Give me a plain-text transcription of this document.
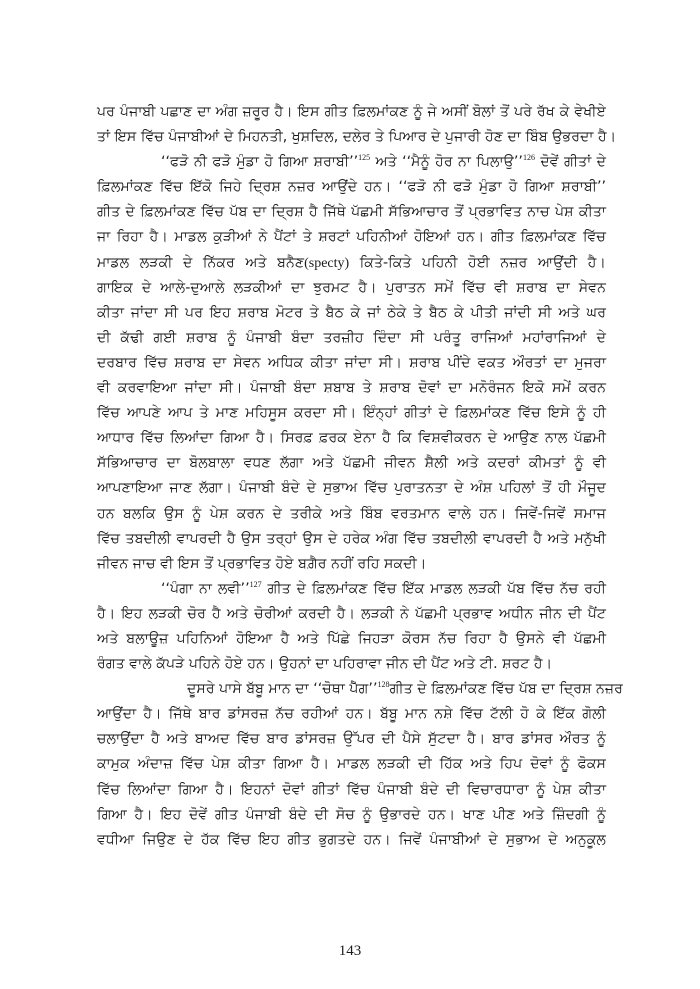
ਪਰ ਪੰਜਾਬੀ ਪਛਾਣ ਦਾ ਅੰਗ ਜ਼ਰੂਰ ਹੈ। ਇਸ ਗੀਤ ਫ਼ਿਲਮਾਂਕਣ ਨੂੰ ਜੇ ਅਸੀਂ ਬੋਲਾਂ ਤੋਂ ਪਰੇ ਰੱਖ ਕੇ ਵੇਖੀਏ
ਤਾਂ ਇਸ ਵਿੱਚ ਪੰਜਾਬੀਆਂ ਦੇ ਮਿਹਨਤੀ, ਖੁਸ਼ਦਿਲ, ਦਲੇਰ ਤੇ ਪਿਆਰ ਦੇ ਪੁਜਾਰੀ ਹੋਣ ਦਾ ਬਿੰਬ ਉਭਰਦਾ ਹੈ।
‘‘ਫੜੋ ਨੀ ਫੜੋ ਮੁੰਡਾ ਹੋ ਗਿਆ ਸ਼ਰਾਬੀ’’$^{125}$ ਅਤੇ ‘‘ਮੈਨੂੰ ਹੋਰ ਨਾ ਪਿਲਾਉ’’$^{126}$ ਦੋਵੇਂ ਗੀਤਾਂ ਦੇ
ਫ਼ਿਲਮਾਂਕਣ ਵਿੱਚ ਇੱਕੋ ਜਿਹੇ ਦ੍ਰਿਸ਼ ਨਜ਼ਰ ਆਉਂਦੇ ਹਨ। ‘‘ਫੜੋ ਨੀ ਫੜੋ ਮੁੰਡਾ ਹੋ ਗਿਆ ਸ਼ਰਾਬੀ’’
ਗੀਤ ਦੇ ਫ਼ਿਲਮਾਂਕਣ ਵਿੱਚ ਪੱਬ ਦਾ ਦ੍ਰਿਸ਼ ਹੈ ਜਿੱਥੇ ਪੱਛਮੀ ਸੱਭਿਆਚਾਰ ਤੋਂ ਪ੍ਰਭਾਵਿਤ ਨਾਚ ਪੇਸ਼ ਕੀਤਾ
ਜਾ ਰਿਹਾ ਹੈ। ਮਾਡਲ ਕੁੜੀਆਂ ਨੇ ਪੈਂਟਾਂ ਤੇ ਸ਼ਰਟਾਂ ਪਹਿਨੀਆਂ ਹੋਇਆਂ ਹਨ। ਗੀਤ ਫ਼ਿਲਮਾਂਕਣ ਵਿੱਚ
ਮਾਡਲ ਲੜਕੀ ਦੇ ਨਿੱਕਰ ਅਤੇ ਬਨੈਣ(specty) ਕਿਤੇ-ਕਿਤੇ ਪਹਿਨੀ ਹੋਈ ਨਜ਼ਰ ਆਉਂਦੀ ਹੈ।
ਗਾਇਕ ਦੇ ਆਲੇ-ਦੁਆਲੇ ਲੜਕੀਆਂ ਦਾ ਝੁਰਮਟ ਹੈ। ਪੁਰਾਤਨ ਸਮੇਂ ਵਿੱਚ ਵੀ ਸ਼ਰਾਬ ਦਾ ਸੇਵਨ
ਕੀਤਾ ਜਾਂਦਾ ਸੀ ਪਰ ਇਹ ਸ਼ਰਾਬ ਮੋਟਰ ਤੇ ਬੈਠ ਕੇ ਜਾਂ ਠੇਕੇ ਤੇ ਬੈਠ ਕੇ ਪੀਤੀ ਜਾਂਦੀ ਸੀ ਅਤੇ ਘਰ
ਦੀ ਕੱਢੀ ਗਈ ਸ਼ਰਾਬ ਨੂੰ ਪੰਜਾਬੀ ਬੰਦਾ ਤਰਜ਼ੀਹ ਦਿੰਦਾ ਸੀ ਪਰੰਤੂ ਰਾਜਿਆਂ ਮਹਾਂਰਾਜਿਆਂ ਦੇ
ਦਰਬਾਰ ਵਿੱਚ ਸ਼ਰਾਬ ਦਾ ਸੇਵਨ ਅਧਿਕ ਕੀਤਾ ਜਾਂਦਾ ਸੀ। ਸ਼ਰਾਬ ਪੀਂਦੇ ਵਕਤ ਔਰਤਾਂ ਦਾ ਮੁਜਰਾ
ਵੀ ਕਰਵਾਇਆ ਜਾਂਦਾ ਸੀ। ਪੰਜਾਬੀ ਬੰਦਾ ਸ਼ਬਾਬ ਤੇ ਸ਼ਰਾਬ ਦੋਵਾਂ ਦਾ ਮਨੋਰੰਜਨ ਇਕੋ ਸਮੇਂ ਕਰਨ
ਵਿੱਚ ਆਪਣੇ ਆਪ ਤੇ ਮਾਣ ਮਹਿਸੂਸ ਕਰਦਾ ਸੀ। ਇੰਨ੍ਹਾਂ ਗੀਤਾਂ ਦੇ ਫ਼ਿਲਮਾਂਕਣ ਵਿੱਚ ਇਸੇ ਨੂੰ ਹੀ
ਆਧਾਰ ਵਿੱਚ ਲਿਆਂਦਾ ਗਿਆ ਹੈ। ਸਿਰਫ਼ ਫ਼ਰਕ ਏਨਾ ਹੈ ਕਿ ਵਿਸ਼ਵੀਕਰਨ ਦੇ ਆਉਣ ਨਾਲ ਪੱਛਮੀ
ਸੱਭਿਆਚਾਰ ਦਾ ਬੋਲਬਾਲਾ ਵਧਣ ਲੱਗਾ ਅਤੇ ਪੱਛਮੀ ਜੀਵਨ ਸ਼ੈਲੀ ਅਤੇ ਕਦਰਾਂ ਕੀਮਤਾਂ ਨੂੰ ਵੀ
ਆਪਣਾਇਆ ਜਾਣ ਲੱਗਾ। ਪੰਜਾਬੀ ਬੰਦੇ ਦੇ ਸੁਭਾਅ ਵਿੱਚ ਪੁਰਾਤਨਤਾ ਦੇ ਅੰਸ਼ ਪਹਿਲਾਂ ਤੋਂ ਹੀ ਮੌਜੂਦ
ਹਨ ਬਲਕਿ ਉਸ ਨੂੰ ਪੇਸ਼ ਕਰਨ ਦੇ ਤਰੀਕੇ ਅਤੇ ਬਿੰਬ ਵਰਤਮਾਨ ਵਾਲੇ ਹਨ। ਜਿਵੇਂ-ਜਿਵੇਂ ਸਮਾਜ
ਵਿੱਚ ਤਬਦੀਲੀ ਵਾਪਰਦੀ ਹੈ ਉਸ ਤਰ੍ਹਾਂ ਉਸ ਦੇ ਹਰੇਕ ਅੰਗ ਵਿੱਚ ਤਬਦੀਲੀ ਵਾਪਰਦੀ ਹੈ ਅਤੇ ਮਨੁੱਖੀ
ਜੀਵਨ ਜਾਚ ਵੀ ਇਸ ਤੋਂ ਪ੍ਰਭਾਵਿਤ ਹੋਏ ਬਗ਼ੈਰ ਨਹੀਂ ਰਹਿ ਸਕਦੀ।
‘‘ਪੰਗਾ ਨਾ ਲਵੀ’’$^{127}$ ਗੀਤ ਦੇ ਫ਼ਿਲਮਾਂਕਣ ਵਿੱਚ ਇੱਕ ਮਾਡਲ ਲੜਕੀ ਪੱਬ ਵਿੱਚ ਨੱਚ ਰਹੀ
ਹੈ। ਇਹ ਲੜਕੀ ਚੋਰ ਹੈ ਅਤੇ ਚੋਰੀਆਂ ਕਰਦੀ ਹੈ। ਲੜਕੀ ਨੇ ਪੱਛਮੀ ਪ੍ਰਭਾਵ ਅਧੀਨ ਜੀਨ ਦੀ ਪੈਂਟ
ਅਤੇ ਬਲਾਊਜ਼ ਪਹਿਨਿਆਂ ਹੋਇਆ ਹੈ ਅਤੇ ਪਿੱਛੇ ਜਿਹੜਾ ਕੋਰਸ ਨੱਚ ਰਿਹਾ ਹੈ ਉਸਨੇ ਵੀ ਪੱਛਮੀ
ਰੰਗਤ ਵਾਲੇ ਕੱਪੜੇ ਪਹਿਨੇ ਹੋਏ ਹਨ। ਉਹਨਾਂ ਦਾ ਪਹਿਰਾਵਾ ਜੀਨ ਦੀ ਪੈਂਟ ਅਤੇ ਟੀ. ਸ਼ਰਟ ਹੈ।
ਦੂਸਰੇ ਪਾਸੇ ਬੱਬੂ ਮਾਨ ਦਾ ‘‘ਚੋਥਾ ਪੈੱਗ’’$^{128}$ਗੀਤ ਦੇ ਫ਼ਿਲਮਾਂਕਣ ਵਿੱਚ ਪੱਬ ਦਾ ਦ੍ਰਿਸ਼ ਨਜ਼ਰ
ਆਉਂਦਾ ਹੈ। ਜਿੱਥੇ ਬਾਰ ਡਾਂਸਰਜ਼ ਨੱਚ ਰਹੀਆਂ ਹਨ। ਬੱਬੂ ਮਾਨ ਨਸ਼ੇ ਵਿੱਚ ਟੱਲੀ ਹੋ ਕੇ ਇੱਕ ਗੋਲੀ
ਚਲਾਉਂਦਾ ਹੈ ਅਤੇ ਬਾਅਦ ਵਿੱਚ ਬਾਰ ਡਾਂਸਰਜ਼ ਉੱਪਰ ਦੀ ਪੈਸੇ ਸੁੱਟਦਾ ਹੈ। ਬਾਰ ਡਾਂਸਰ ਔਰਤ ਨੂੰ
ਕਾਮੁਕ ਅੰਦਾਜ਼ ਵਿੱਚ ਪੇਸ਼ ਕੀਤਾ ਗਿਆ ਹੈ। ਮਾਡਲ ਲੜਕੀ ਦੀ ਹਿੱਕ ਅਤੇ ਹਿਪ ਦੋਵਾਂ ਨੂੰ ਫੋਕਸ
ਵਿੱਚ ਲਿਆਂਦਾ ਗਿਆ ਹੈ। ਇਹਨਾਂ ਦੋਵਾਂ ਗੀਤਾਂ ਵਿੱਚ ਪੰਜਾਬੀ ਬੰਦੇ ਦੀ ਵਿਚਾਰਧਾਰਾ ਨੂੰ ਪੇਸ਼ ਕੀਤਾ
ਗਿਆ ਹੈ। ਇਹ ਦੋਵੇਂ ਗੀਤ ਪੰਜਾਬੀ ਬੰਦੇ ਦੀ ਸੋਚ ਨੂੰ ਉਭਾਰਦੇ ਹਨ। ਖਾਣ ਪੀਣ ਅਤੇ ਜ਼ਿੰਦਗੀ ਨੂੰ
ਵਧੀਆ ਜਿਉਣ ਦੇ ਹੱਕ ਵਿੱਚ ਇਹ ਗੀਤ ਭੁਗਤਦੇ ਹਨ। ਜਿਵੇਂ ਪੰਜਾਬੀਆਂ ਦੇ ਸੁਭਾਅ ਦੇ ਅਨੁਕੂਲ
143
